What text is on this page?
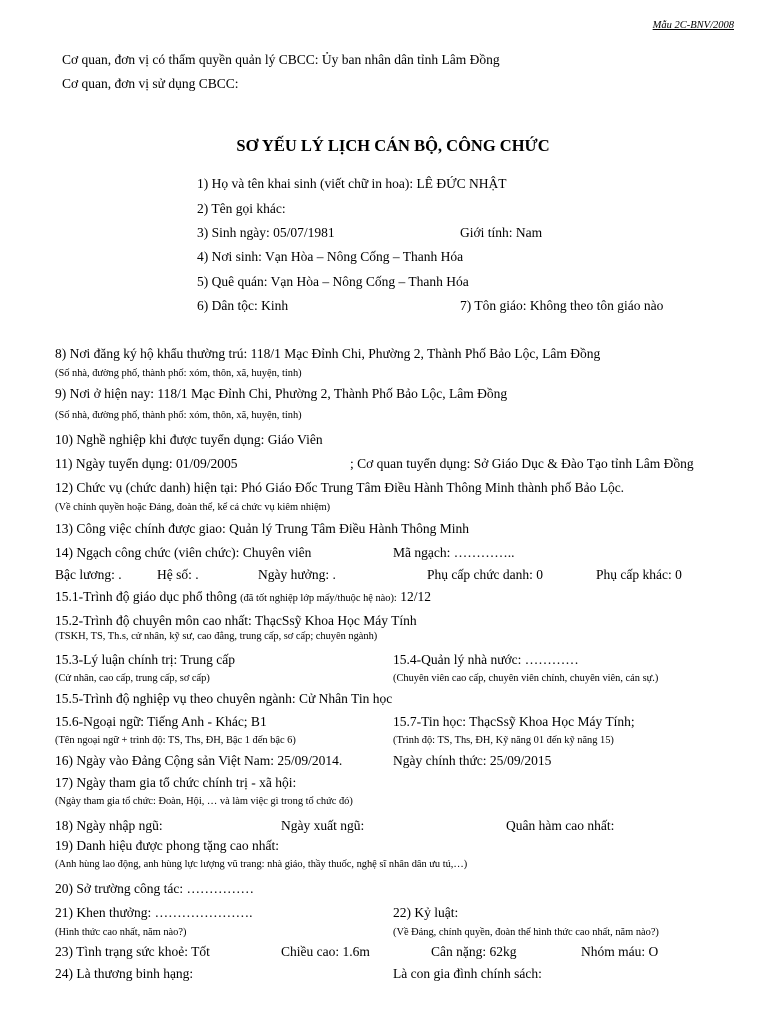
Mẫu 2C-BNV/2008
Cơ quan, đơn vị có thẩm quyền quản lý CBCC: Ủy ban nhân dân tỉnh Lâm Đồng
Cơ quan, đơn vị sử dụng CBCC:
SƠ YẾU LÝ LỊCH CÁN BỘ, CÔNG CHỨC
1) Họ và tên khai sinh (viết chữ in hoa): LÊ ĐỨC NHẬT
2) Tên gọi khác:
3) Sinh ngày: 05/07/1981	Giới tính: Nam
4) Nơi sinh: Vạn Hòa – Nông Cống – Thanh Hóa
5) Quê quán: Vạn Hòa – Nông Cống – Thanh Hóa
6) Dân tộc: Kinh	7) Tôn giáo: Không theo tôn giáo nào
8) Nơi đăng ký hộ khẩu thường trú: 118/1 Mạc Đỉnh Chi, Phường 2, Thành Phố Bảo Lộc, Lâm Đồng
(Số nhà, đường phố, thành phố: xóm, thôn, xã, huyện, tỉnh)
9) Nơi ở hiện nay: 118/1 Mạc Đỉnh Chi, Phường 2, Thành Phố Bảo Lộc, Lâm Đồng
(Số nhà, đường phố, thành phố: xóm, thôn, xã, huyện, tỉnh)
10) Nghề nghiệp khi được tuyển dụng: Giáo Viên
11) Ngày tuyển dụng: 01/09/2005	; Cơ quan tuyển dụng: Sở Giáo Dục & Đào Tạo tỉnh Lâm Đồng
12) Chức vụ (chức danh) hiện tại: Phó Giáo Đốc Trung Tâm Điều Hành Thông Minh thành phố Bảo Lộc.
(Về chính quyền hoặc Đảng, đoàn thể, kể cả chức vụ kiêm nhiệm)
13) Công việc chính được giao: Quản lý Trung Tâm Điều Hành Thông Minh
14) Ngạch công chức (viên chức): Chuyên viên	Mã ngạch: …………..
Bậc lương: .	Hệ số: .	Ngày hưởng: .	Phụ cấp chức danh: 0	Phụ cấp khác: 0
15.1-Trình độ giáo dục phổ thông (đã tốt nghiệp lớp mấy/thuộc hệ nào): 12/12
15.2-Trình độ chuyên môn cao nhất: ThạcSsỹ Khoa Học Máy Tính
(TSKH, TS, Th.s, cử nhân, kỹ sư, cao đẳng, trung cấp, sơ cấp; chuyên ngành)
15.3-Lý luận chính trị: Trung cấp	15.4-Quản lý nhà nước: …………
(Cử nhân, cao cấp, trung cấp, sơ cấp)	(Chuyên viên cao cấp, chuyên viên chính, chuyên viên, cán sự.)
15.5-Trình độ nghiệp vụ theo chuyên ngành: Cử Nhân Tin học
15.6-Ngoại ngữ: Tiếng Anh - Khác; B1	15.7-Tin học: ThạcSsỹ Khoa Học Máy Tính;
(Tên ngoại ngữ + trình độ: TS, Ths, ĐH, Bậc 1 đến bậc 6)	(Trình độ: TS, Ths, ĐH, Kỹ năng 01 đến kỹ năng 15)
16) Ngày vào Đảng Cộng sản Việt Nam: 25/09/2014.	Ngày chính thức: 25/09/2015
17) Ngày tham gia tổ chức chính trị - xã hội:
(Ngày tham gia tổ chức: Đoàn, Hội, … và làm việc gì trong tổ chức đó)
18) Ngày nhập ngũ:	Ngày xuất ngũ:	Quân hàm cao nhất:
19) Danh hiệu được phong tặng cao nhất:
(Anh hùng lao động, anh hùng lực lượng vũ trang: nhà giáo, thầy thuốc, nghệ sĩ nhân dân ưu tú,…)
20) Sở trường công tác: ……………
21) Khen thưởng: ………………….	22) Kỷ luật:
(Hình thức cao nhất, năm nào?)	(Về Đảng, chính quyền, đoàn thể hình thức cao nhất, năm nào?)
23) Tình trạng sức khoẻ: Tốt	Chiều cao: 1.6m	Cân nặng: 62kg	Nhóm máu: O
24) Là thương binh hạng:	Là con gia đình chính sách:
